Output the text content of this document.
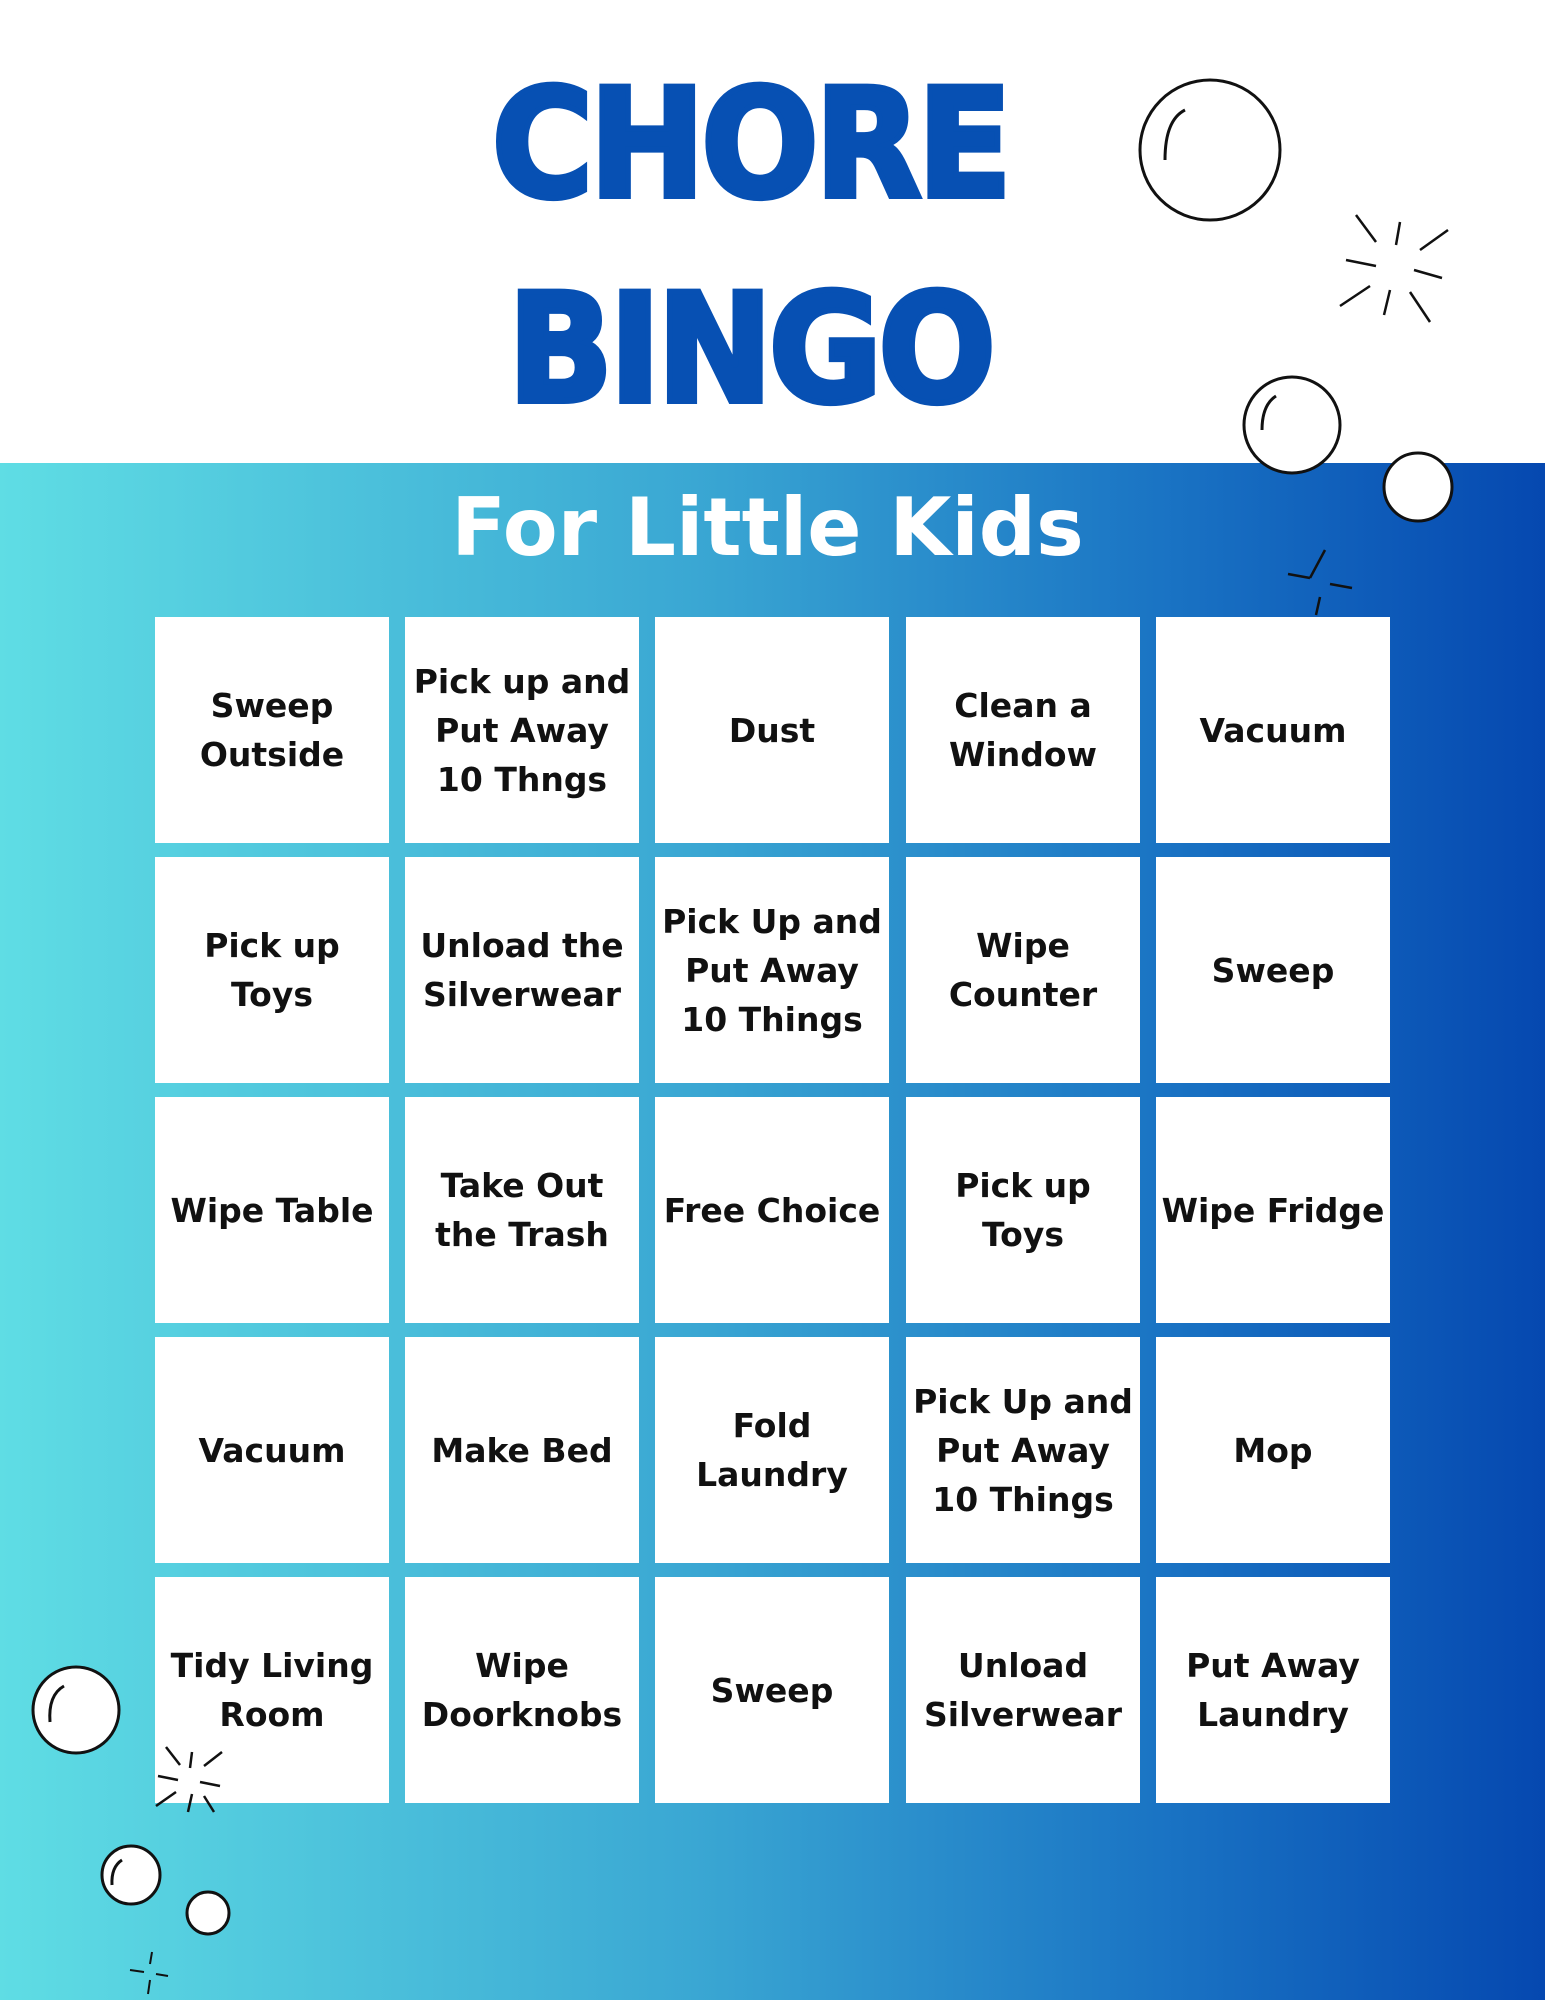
CHORE
BINGO
For Little Kids
Sweep Outside
Pick up and Put Away 10 Thngs
Dust
Clean a Window
Vacuum
Pick up Toys
Unload the Silverwear
Pick Up and Put Away 10 Things
Wipe Counter
Sweep
Wipe Table
Take Out the Trash
Free Choice
Pick up Toys
Wipe Fridge
Vacuum	Make Bed
Fold Laundry
Pick Up and Put Away 10 Things
Mop
Tidy Living Room
Wipe Doorknobs
Sweep
Unload Silverwear
Put Away Laundry
